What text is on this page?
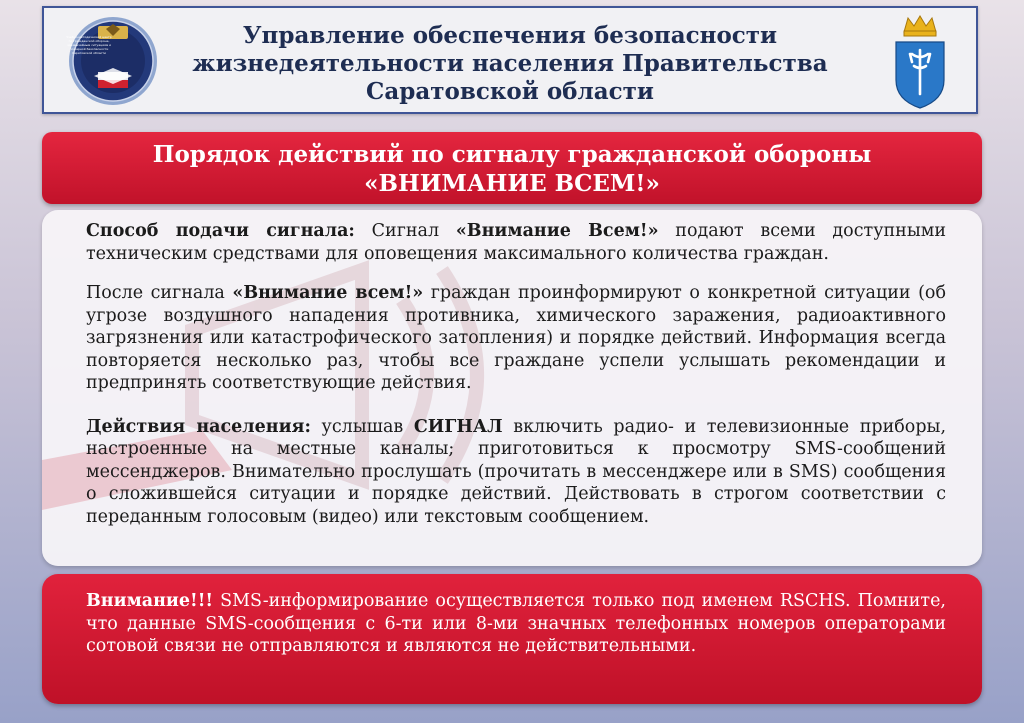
Учебно-методический центр по гражданской обороне, чрезвычайным ситуациям и пожарной безопасности Саратовской области
Управление обеспечения безопасности
жизнедеятельности населения Правительства
Саратовской области
Порядок действий по сигналу гражданской обороны
«ВНИМАНИЕ ВСЕМ!»

Способ подачи сигнала: Сигнал «Внимание Всем!» подают всеми доступными техническим средствами для оповещения максимального количества граждан.

После сигнала «Внимание всем!» граждан проинформируют о конкретной ситуации (об угрозе воздушного нападения противника, химического заражения, радиоактивного загрязнения или катастрофического затопления) и порядке действий. Информация всегда повторяется несколько раз, чтобы все граждане успели услышать рекомендации и предпринять соответствующие действия.

Действия населения: услышав СИГНАЛ включить радио- и телевизионные приборы, настроенные на местные каналы; приготовиться к просмотру SMS-сообщений мессенджеров. Внимательно прослушать (прочитать в мессенджере или в SMS) сообщения о сложившейся ситуации и порядке действий. Действовать в строгом соответствии с переданным голосовым (видео) или текстовым сообщением.

Внимание!!! SMS-информирование осуществляется только под именем RSCHS. Помните, что данные SMS-сообщения с 6-ти или 8-ми значных телефонных номеров операторами сотовой связи не отправляются и являются не действительными.
